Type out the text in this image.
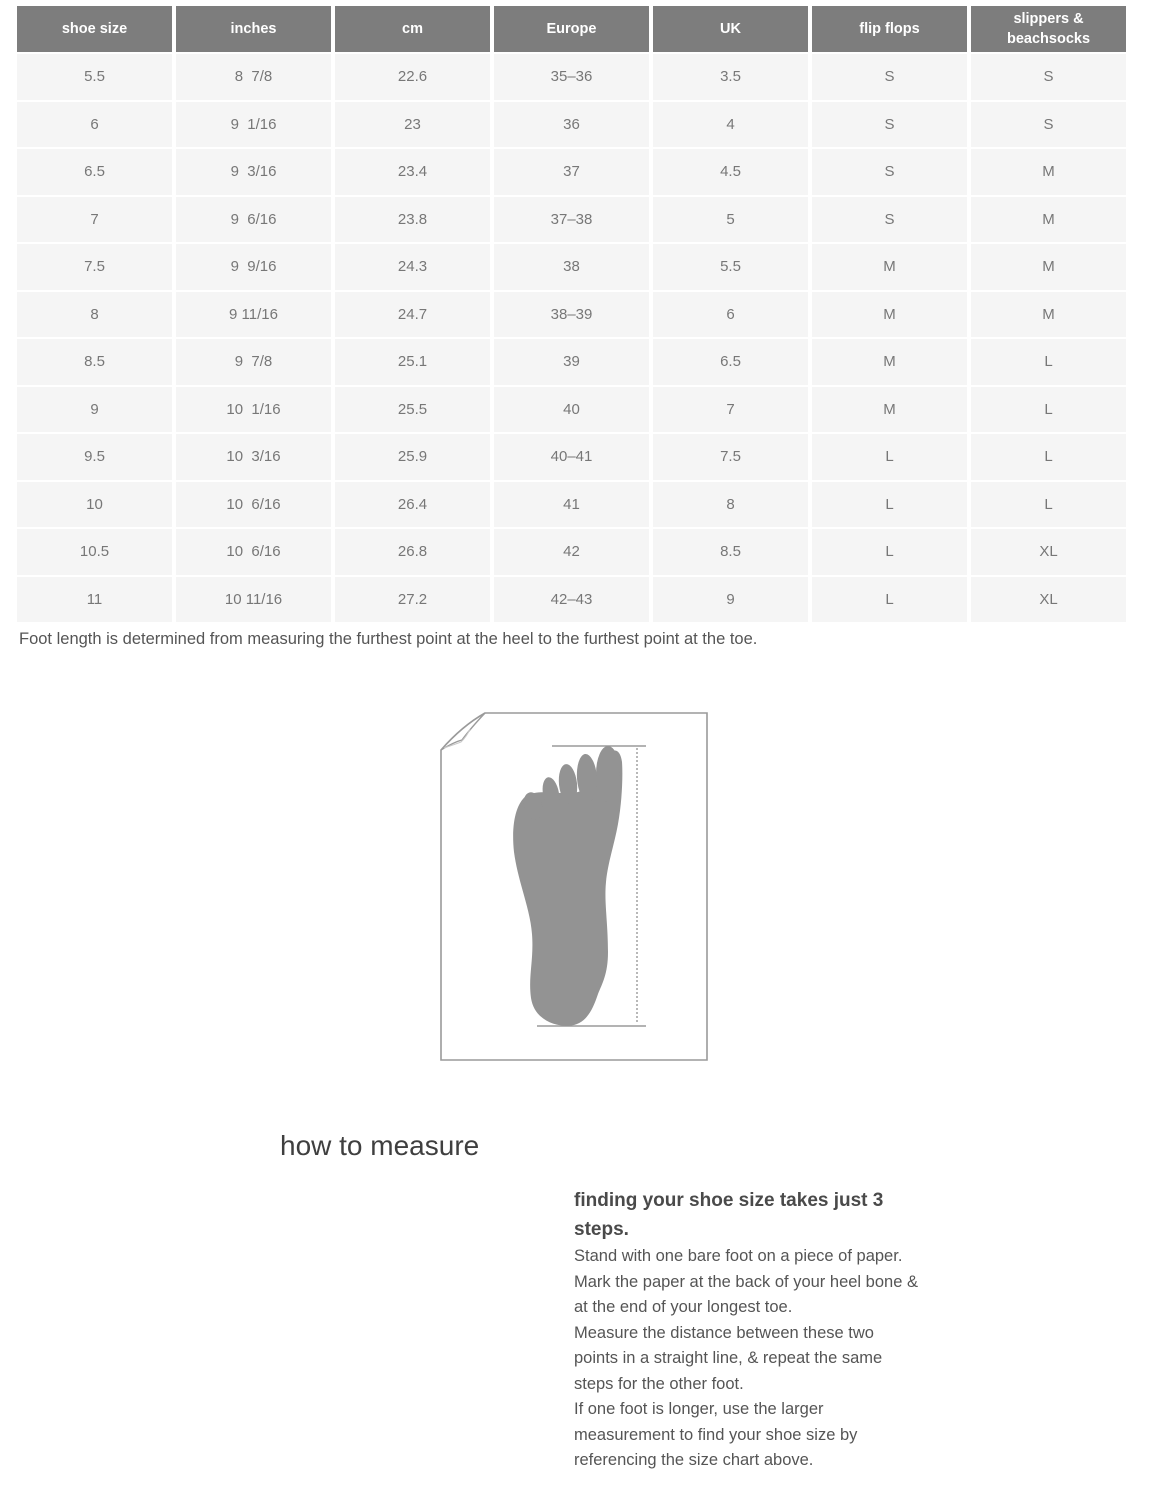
shoe size	inches	cm	Europe	UK	flip flops	slippers &
beachsocks
5.5	8  7/8	22.6	35–36	3.5	S	S
6	9  1/16	23	36	4	S	S
6.5	9  3/16	23.4	37	4.5	S	M
7	9  6/16	23.8	37–38	5	S	M
7.5	9  9/16	24.3	38	5.5	M	M
8	9 11/16	24.7	38–39	6	M	M
8.5	9  7/8	25.1	39	6.5	M	L
9	10  1/16	25.5	40	7	M	L
9.5	10  3/16	25.9	40–41	7.5	L	L
10	10  6/16	26.4	41	8	L	L
10.5	10  6/16	26.8	42	8.5	L	XL
11	10 11/16	27.2	42–43	9	L	XL

Foot length is determined from measuring the furthest point at the heel to the furthest point at the toe.

how to measure
finding your shoe size takes just 3 steps.

Stand with one bare foot on a piece of paper.

Mark the paper at the back of your heel bone & at the end of your longest toe.

Measure the distance between these two points in a straight line, & repeat the same steps for the other foot.

If one foot is longer, use the larger measurement to find your shoe size by referencing the size chart above.
